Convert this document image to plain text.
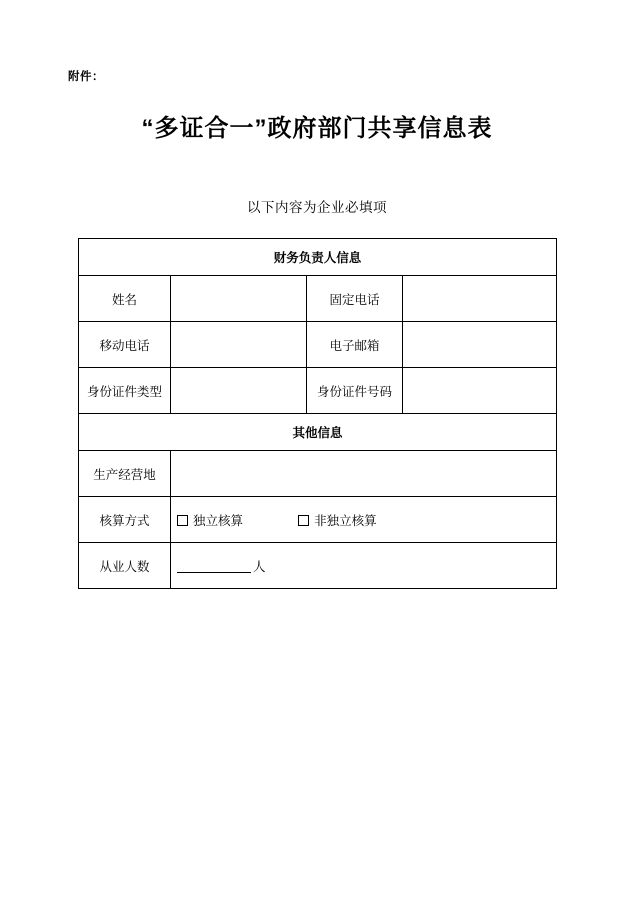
附件：
“多证合一”政府部门共享信息表
以下内容为企业必填项
财务负责人信息			
姓名		固定电话	
移动电话		电子邮箱	
身份证件类型		身份证件号码	
其他信息			
生产经营地			
核算方式	独立核算 非独立核算		
从业人数	人		
